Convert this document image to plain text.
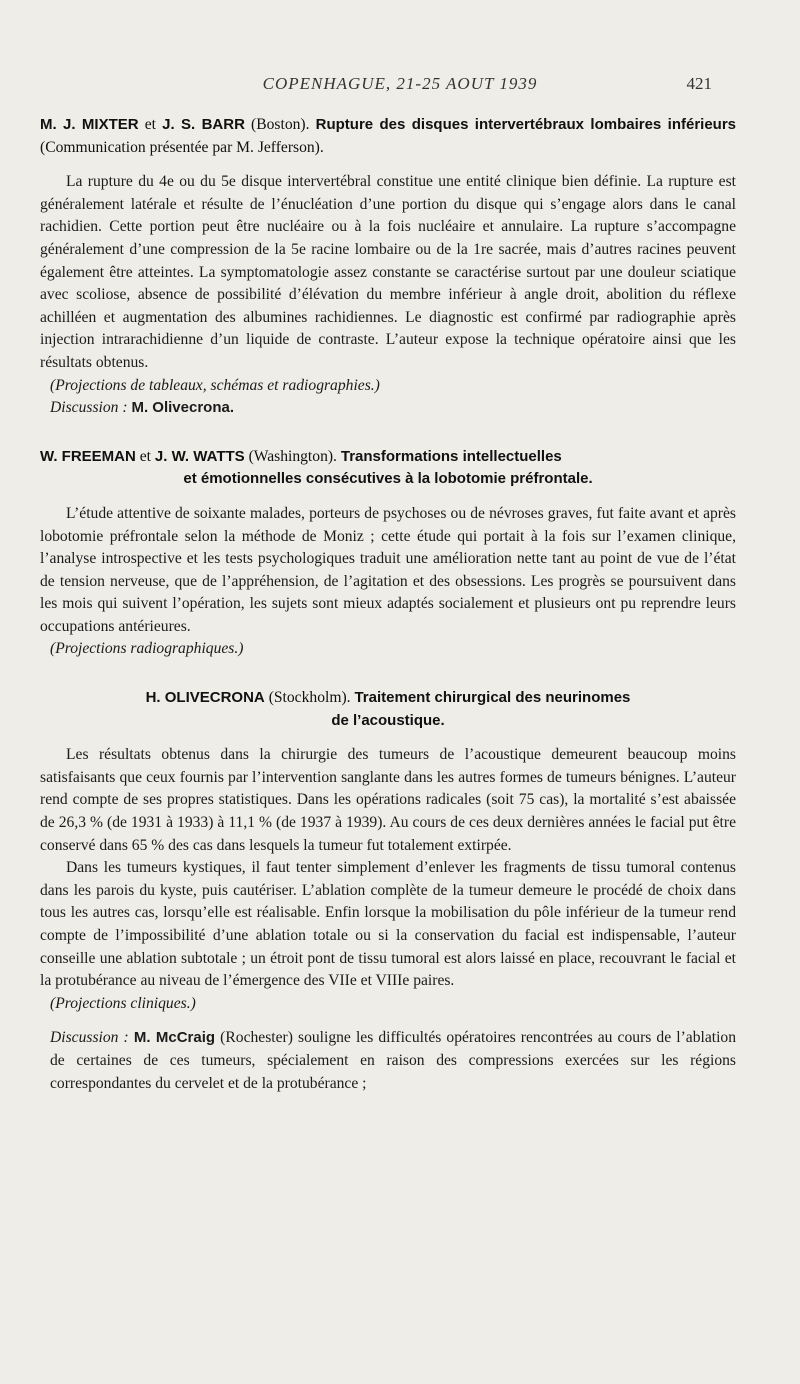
COPENHAGUE, 21-25 AOUT 1939	421

M. J. MIXTER et J. S. BARR (Boston). Rupture des disques intervertébraux lombaires inférieurs (Communication présentée par M. Jefferson).

La rupture du 4e ou du 5e disque intervertébral constitue une entité clinique bien définie. La rupture est généralement latérale et résulte de l’énucléation d’une portion du disque qui s’engage alors dans le canal rachidien. Cette portion peut être nucléaire ou à la fois nucléaire et annulaire. La rupture s’accompagne généralement d’une compression de la 5e racine lombaire ou de la 1re sacrée, mais d’autres racines peuvent également être atteintes. La symptomatologie assez constante se caractérise surtout par une douleur sciatique avec scoliose, absence de possibilité d’élévation du membre inférieur à angle droit, abolition du réflexe achilléen et augmentation des albumines rachidiennes. Le diagnostic est confirmé par radiographie après injection intrarachidienne d’un liquide de contraste. L’auteur expose la technique opératoire ainsi que les résultats obtenus.

(Projections de tableaux, schémas et radiographies.)

Discussion : M. Olivecrona.

W. FREEMAN et J. W. WATTS (Washington). Transformations intellectuelles

et émotionnelles consécutives à la lobotomie préfrontale.

L’étude attentive de soixante malades, porteurs de psychoses ou de névroses graves, fut faite avant et après lobotomie préfrontale selon la méthode de Moniz ; cette étude qui portait à la fois sur l’examen clinique, l’analyse introspective et les tests psychologiques traduit une amélioration nette tant au point de vue de l’état de tension nerveuse, que de l’appréhension, de l’agitation et des obsessions. Les progrès se poursuivent dans les mois qui suivent l’opération, les sujets sont mieux adaptés socialement et plusieurs ont pu reprendre leurs occupations antérieures.

(Projections radiographiques.)

H. OLIVECRONA (Stockholm). Traitement chirurgical des neurinomes

de l’acoustique.

Les résultats obtenus dans la chirurgie des tumeurs de l’acoustique demeurent beaucoup moins satisfaisants que ceux fournis par l’intervention sanglante dans les autres formes de tumeurs bénignes. L’auteur rend compte de ses propres statistiques. Dans les opérations radicales (soit 75 cas), la mortalité s’est abaissée de 26,3 % (de 1931 à 1933) à 11,1 % (de 1937 à 1939). Au cours de ces deux dernières années le facial put être conservé dans 65 % des cas dans lesquels la tumeur fut totalement extirpée.

Dans les tumeurs kystiques, il faut tenter simplement d’enlever les fragments de tissu tumoral contenus dans les parois du kyste, puis cautériser. L’ablation complète de la tumeur demeure le procédé de choix dans tous les autres cas, lorsqu’elle est réalisable. Enfin lorsque la mobilisation du pôle inférieur de la tumeur rend compte de l’impossibilité d’une ablation totale ou si la conservation du facial est indispensable, l’auteur conseille une ablation subtotale ; un étroit pont de tissu tumoral est alors laissé en place, recouvrant le facial et la protubérance au niveau de l’émergence des VIIe et VIIIe paires.

(Projections cliniques.)

Discussion : M. McCraig (Rochester) souligne les difficultés opératoires rencontrées au cours de l’ablation de certaines de ces tumeurs, spécialement en raison des compressions exercées sur les régions correspondantes du cervelet et de la protubérance ;
